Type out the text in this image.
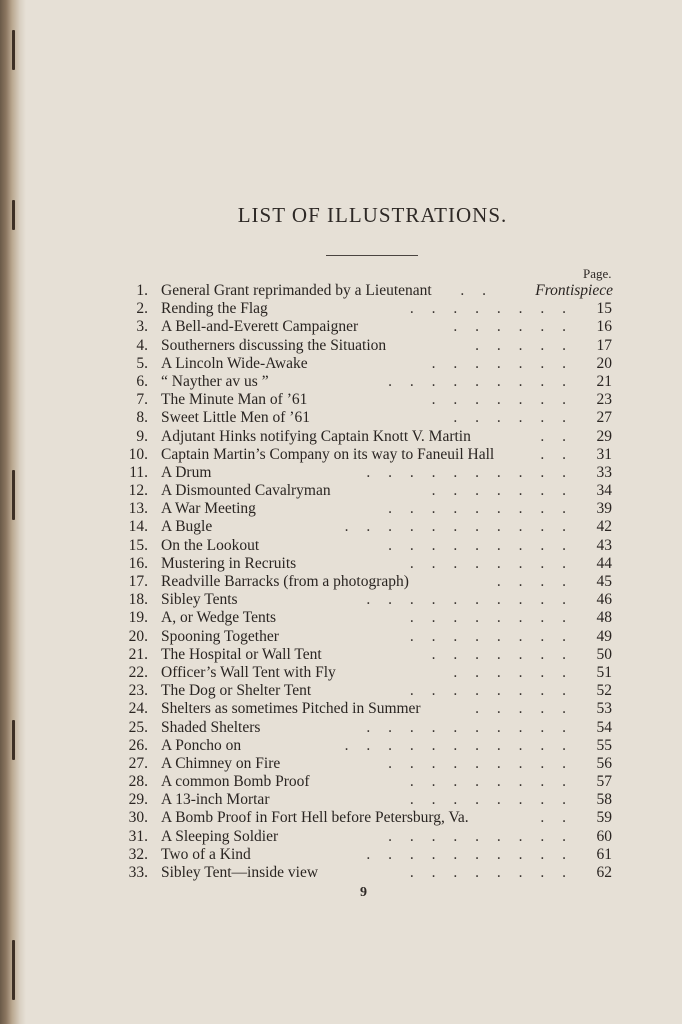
LIST OF ILLUSTRATIONS.
Page.
1. General Grant reprimanded by a Lieutenant . .	Frontispiece
2. Rending the Flag	. . . . . . . .	15
3. A Bell-and-Everett Campaigner	. . . . . .	16
4. Southerners discussing the Situation	. . . . .	17
5. A Lincoln Wide-Awake	. . . . . . .	20
6. “ Nayther av us ”	. . . . . . . . .	21
7. The Minute Man of ’61	. . . . . . .	23
8. Sweet Little Men of ’61	. . . . . .	27
9. Adjutant Hinks notifying Captain Knott V. Martin	. .	29
10. Captain Martin’s Company on its way to Faneuil Hall	. .	31
11. A Drum	. . . . . . . . . .	33
12. A Dismounted Cavalryman	. . . . . . .	34
13. A War Meeting	. . . . . . . . .	39
14. A Bugle	. . . . . . . . . . .	42
15. On the Lookout	. . . . . . . . .	43
16. Mustering in Recruits	. . . . . . . .	44
17. Readville Barracks (from a photograph)	. . . .	45
18. Sibley Tents	. . . . . . . . . .	46
19. A, or Wedge Tents	. . . . . . . .	48
20. Spooning Together	. . . . . . . .	49
21. The Hospital or Wall Tent	. . . . . . .	50
22. Officer’s Wall Tent with Fly	. . . . . .	51
23. The Dog or Shelter Tent	. . . . . . . .	52
24. Shelters as sometimes Pitched in Summer	. . . . .	53
25. Shaded Shelters	. . . . . . . . . .	54
26. A Poncho on	. . . . . . . . . . .	55
27. A Chimney on Fire	. . . . . . . . .	56
28. A common Bomb Proof	. . . . . . . .	57
29. A 13-inch Mortar	. . . . . . . .	58
30. A Bomb Proof in Fort Hell before Petersburg, Va.	. .	59
31. A Sleeping Soldier	. . . . . . . . .	60
32. Two of a Kind	. . . . . . . . . .	61
33. Sibley Tent—inside view	. . . . . . . .	62
9
